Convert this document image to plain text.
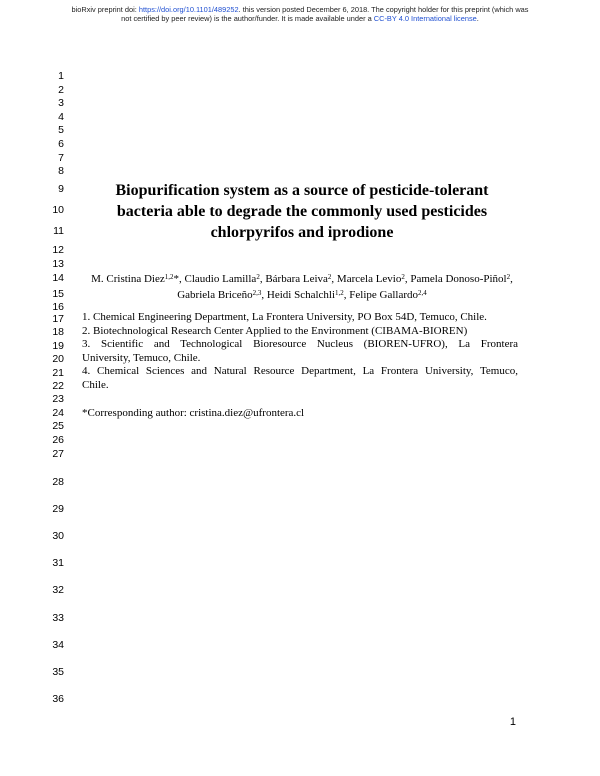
bioRxiv preprint doi: https://doi.org/10.1101/489252. this version posted December 6, 2018. The copyright holder for this preprint (which was
not certified by peer review) is the author/funder. It is made available under a CC-BY 4.0 International license.
1
2
3
4
5
6
7
8
9
10
11
12
13
14
15
16
17
18
19
20
21
22
23
24
25
26
27
28
29
30
31
32
33
34
35
36
Biopurification system as a source of pesticide-tolerant
bacteria able to degrade the commonly used pesticides
chlorpyrifos and iprodione
M. Cristina Diez$^{1,2}$*, Claudio Lamilla$^2$, Bárbara Leiva$^2$, Marcela Levio$^2$, Pamela Donoso-Piñol$^2$, Gabriela Briceño$^{2,3}$, Heidi Schalchli$^{1,2}$, Felipe Gallardo$^{2,4}$
1. Chemical Engineering Department, La Frontera University, PO Box 54D, Temuco, Chile.
2. Biotechnological Research Center Applied to the Environment (CIBAMA-BIOREN)
3. Scientific and Technological Bioresource Nucleus (BIOREN-UFRO), La Frontera
University, Temuco, Chile.
4. Chemical Sciences and Natural Resource Department, La Frontera University, Temuco,
Chile.
*Corresponding author: cristina.diez@ufrontera.cl
1
